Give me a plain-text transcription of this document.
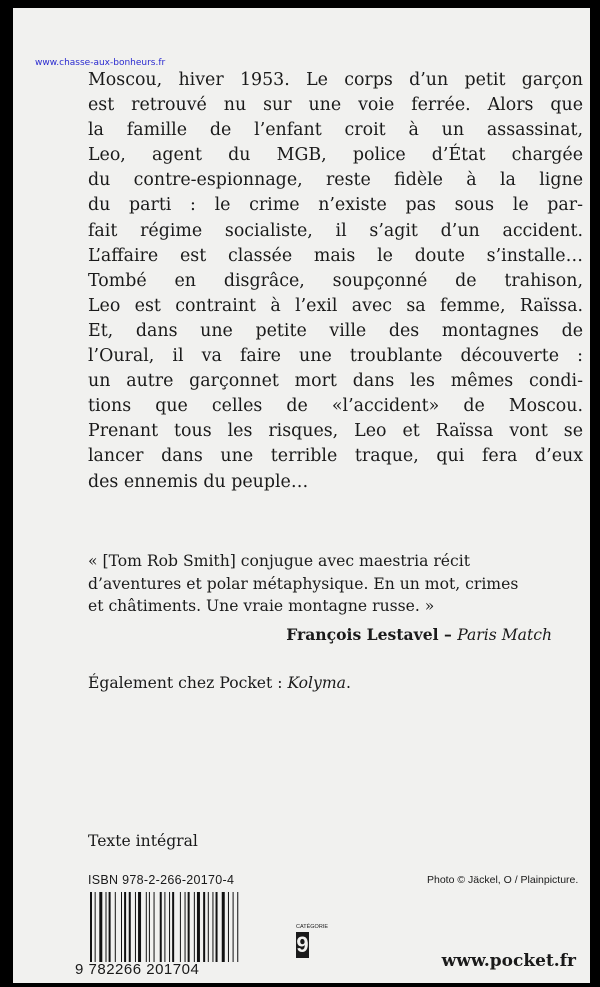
www.chasse-aux-bonheurs.fr
Moscou, hiver 1953. Le corps d’un petit garçon
est retrouvé nu sur une voie ferrée. Alors que
la famille de l’enfant croit à un assassinat,
Leo, agent du MGB, police d’État chargée
du contre-espionnage, reste fidèle à la ligne
du parti : le crime n’existe pas sous le par-
fait régime socialiste, il s’agit d’un accident.
L’affaire est classée mais le doute s’installe…
Tombé en disgrâce, soupçonné de trahison,
Leo est contraint à l’exil avec sa femme, Raïssa.
Et, dans une petite ville des montagnes de
l’Oural, il va faire une troublante découverte :
un autre garçonnet mort dans les mêmes condi-
tions que celles de «l’accident» de Moscou.
Prenant tous les risques, Leo et Raïssa vont se
lancer dans une terrible traque, qui fera d’eux
des ennemis du peuple…
« [Tom Rob Smith] conjugue avec maestria récit
d’aventures et polar métaphysique. En un mot, crimes
et châtiments. Une vraie montagne russe. »
François Lestavel – Paris Match
Également chez Pocket : Kolyma.
Texte intégral
ISBN 978-2-266-20170-4	Photo © Jäckel, O / Plainpicture.
9 782266 201704
CATÉGORIE
9
www.pocket.fr
